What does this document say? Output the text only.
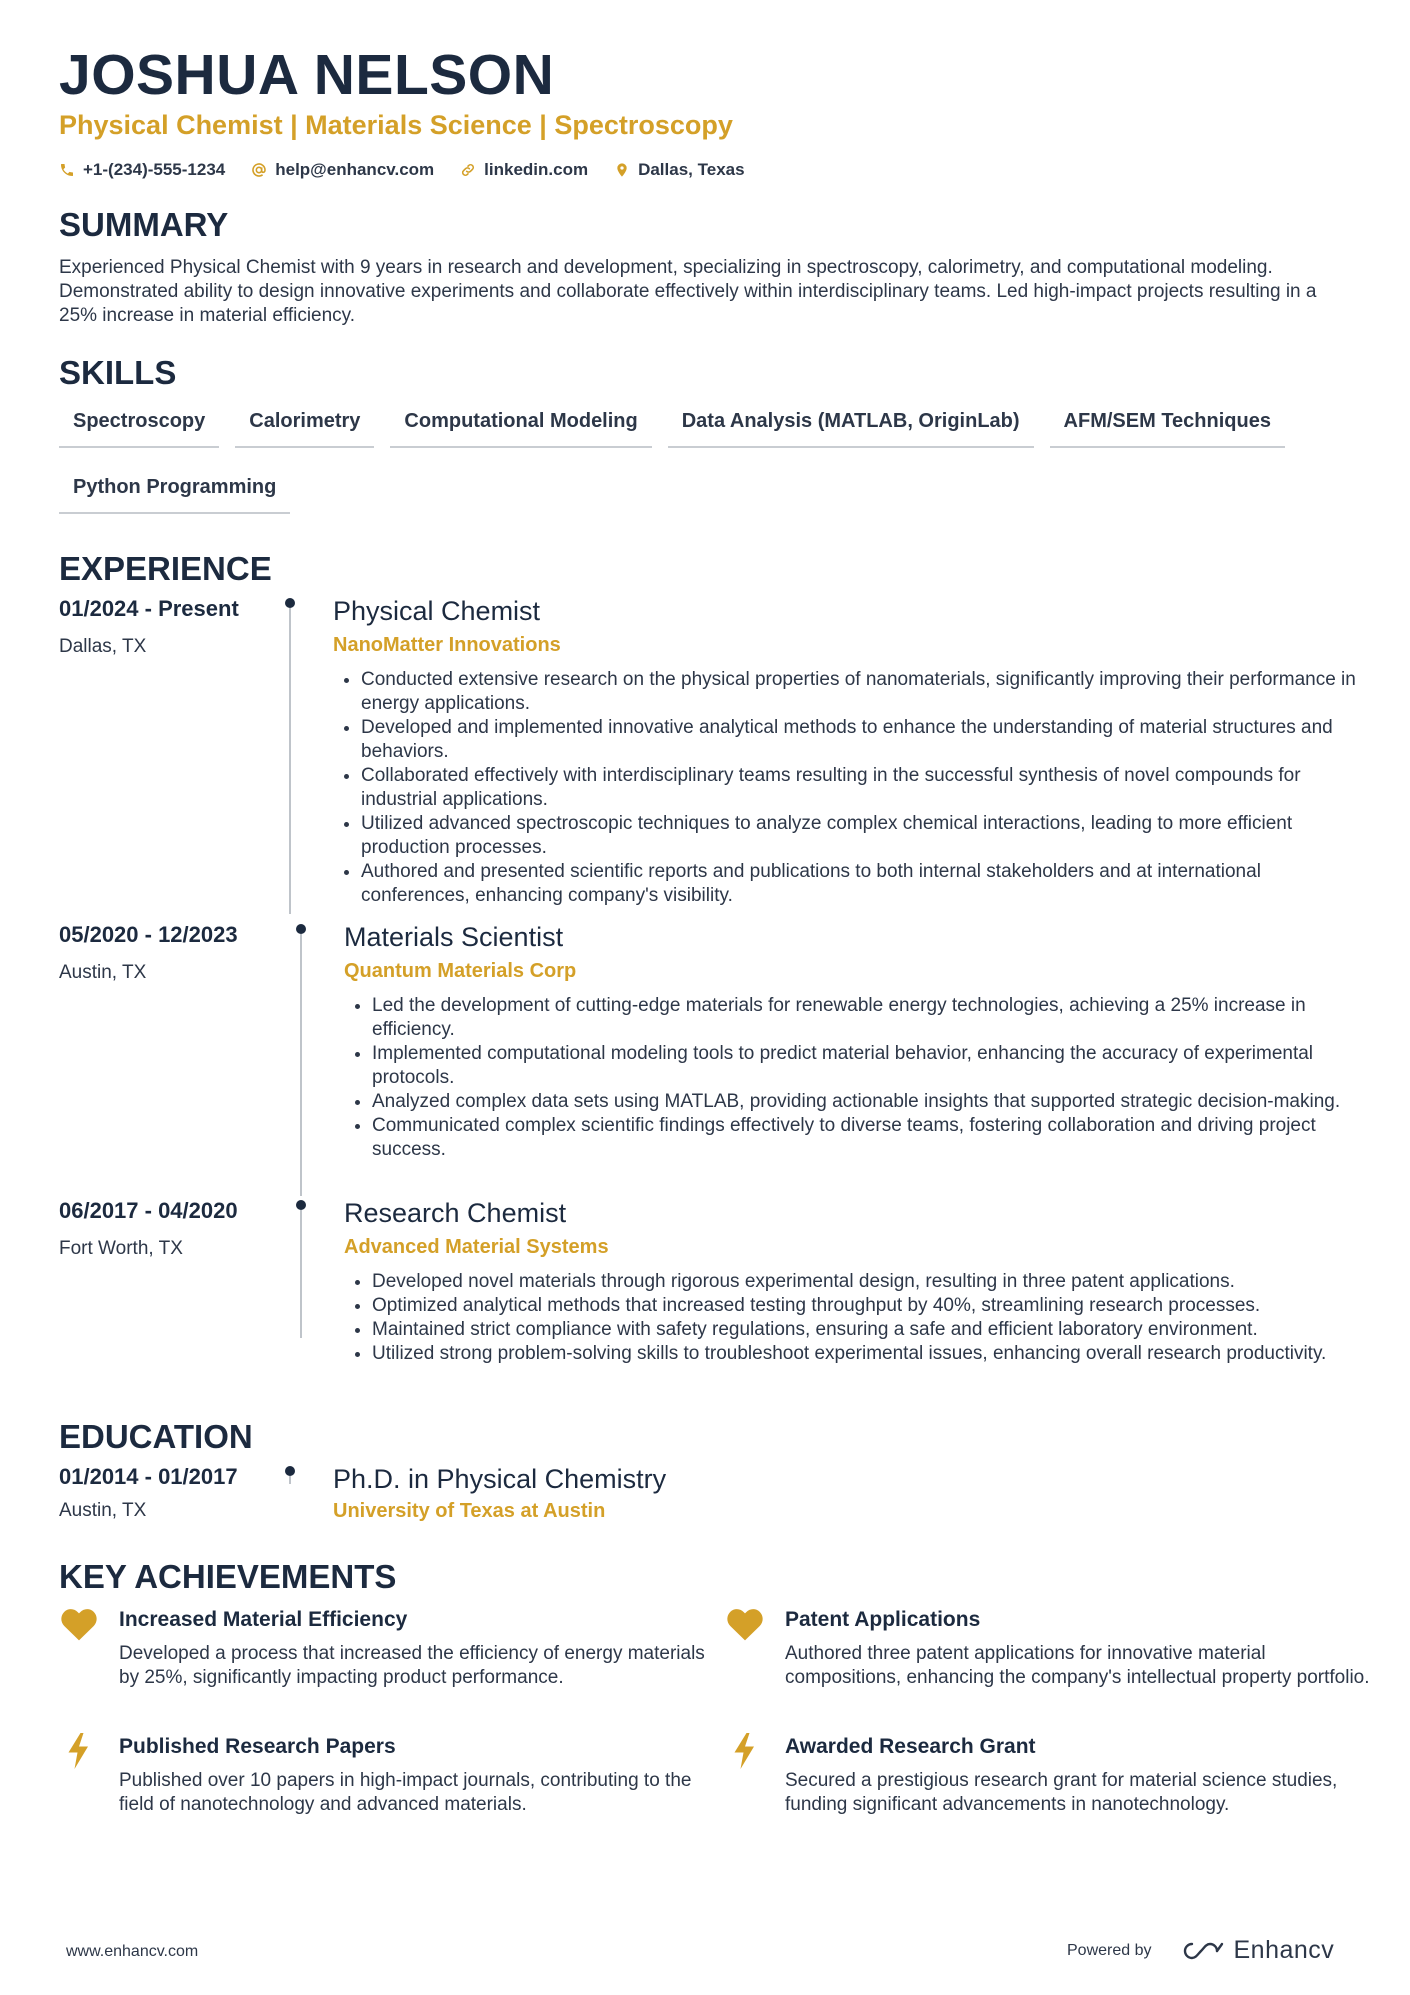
JOSHUA NELSON
Physical Chemist | Materials Science | Spectroscopy
+1-(234)-555-1234	help@enhancv.com	linkedin.com	Dallas, Texas
SUMMARY
Experienced Physical Chemist with 9 years in research and development, specializing in spectroscopy, calorimetry, and computational modeling. Demonstrated ability to design innovative experiments and collaborate effectively within interdisciplinary teams. Led high-impact projects resulting in a 25% increase in material efficiency.
SKILLS
Spectroscopy	Calorimetry	Computational Modeling	Data Analysis (MATLAB, OriginLab)	AFM/SEM Techniques
Python Programming
EXPERIENCE
01/2024 - Present
Dallas, TX
Physical Chemist
NanoMatter Innovations
• Conducted extensive research on the physical properties of nanomaterials, significantly improving their performance in energy applications.
• Developed and implemented innovative analytical methods to enhance the understanding of material structures and behaviors.
• Collaborated effectively with interdisciplinary teams resulting in the successful synthesis of novel compounds for industrial applications.
• Utilized advanced spectroscopic techniques to analyze complex chemical interactions, leading to more efficient production processes.
• Authored and presented scientific reports and publications to both internal stakeholders and at international conferences, enhancing company's visibility.
05/2020 - 12/2023
Austin, TX
Materials Scientist
Quantum Materials Corp
• Led the development of cutting-edge materials for renewable energy technologies, achieving a 25% increase in efficiency.
• Implemented computational modeling tools to predict material behavior, enhancing the accuracy of experimental protocols.
• Analyzed complex data sets using MATLAB, providing actionable insights that supported strategic decision-making.
• Communicated complex scientific findings effectively to diverse teams, fostering collaboration and driving project success.
06/2017 - 04/2020
Fort Worth, TX
Research Chemist
Advanced Material Systems
• Developed novel materials through rigorous experimental design, resulting in three patent applications.
• Optimized analytical methods that increased testing throughput by 40%, streamlining research processes.
• Maintained strict compliance with safety regulations, ensuring a safe and efficient laboratory environment.
• Utilized strong problem-solving skills to troubleshoot experimental issues, enhancing overall research productivity.
EDUCATION
01/2014 - 01/2017
Austin, TX
Ph.D. in Physical Chemistry
University of Texas at Austin
KEY ACHIEVEMENTS
Increased Material Efficiency
Developed a process that increased the efficiency of energy materials by 25%, significantly impacting product performance.
Patent Applications
Authored three patent applications for innovative material compositions, enhancing the company's intellectual property portfolio.
Published Research Papers
Published over 10 papers in high-impact journals, contributing to the field of nanotechnology and advanced materials.
Awarded Research Grant
Secured a prestigious research grant for material science studies, funding significant advancements in nanotechnology.
www.enhancv.com	Powered by	Enhancv
